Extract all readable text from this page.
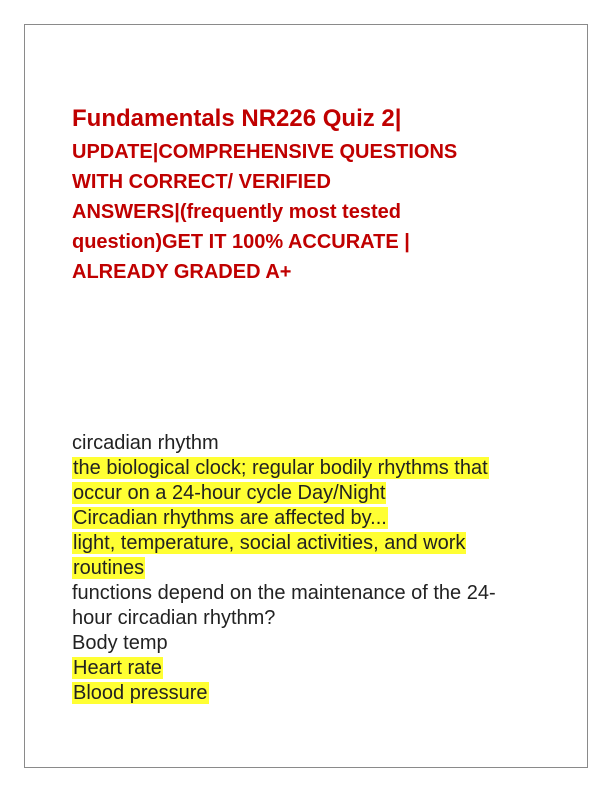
Fundamentals NR226 Quiz 2|
UPDATE|COMPREHENSIVE QUESTIONS
WITH CORRECT/ VERIFIED
ANSWERS|(frequently most tested
question)GET IT 100% ACCURATE |
ALREADY GRADED A+
circadian rhythm
the biological clock; regular bodily rhythms that
occur on a 24-hour cycle Day/Night
Circadian rhythms are affected by...
light, temperature, social activities, and work
routines
functions depend on the maintenance of the 24-
hour circadian rhythm?
Body temp
Heart rate
Blood pressure
